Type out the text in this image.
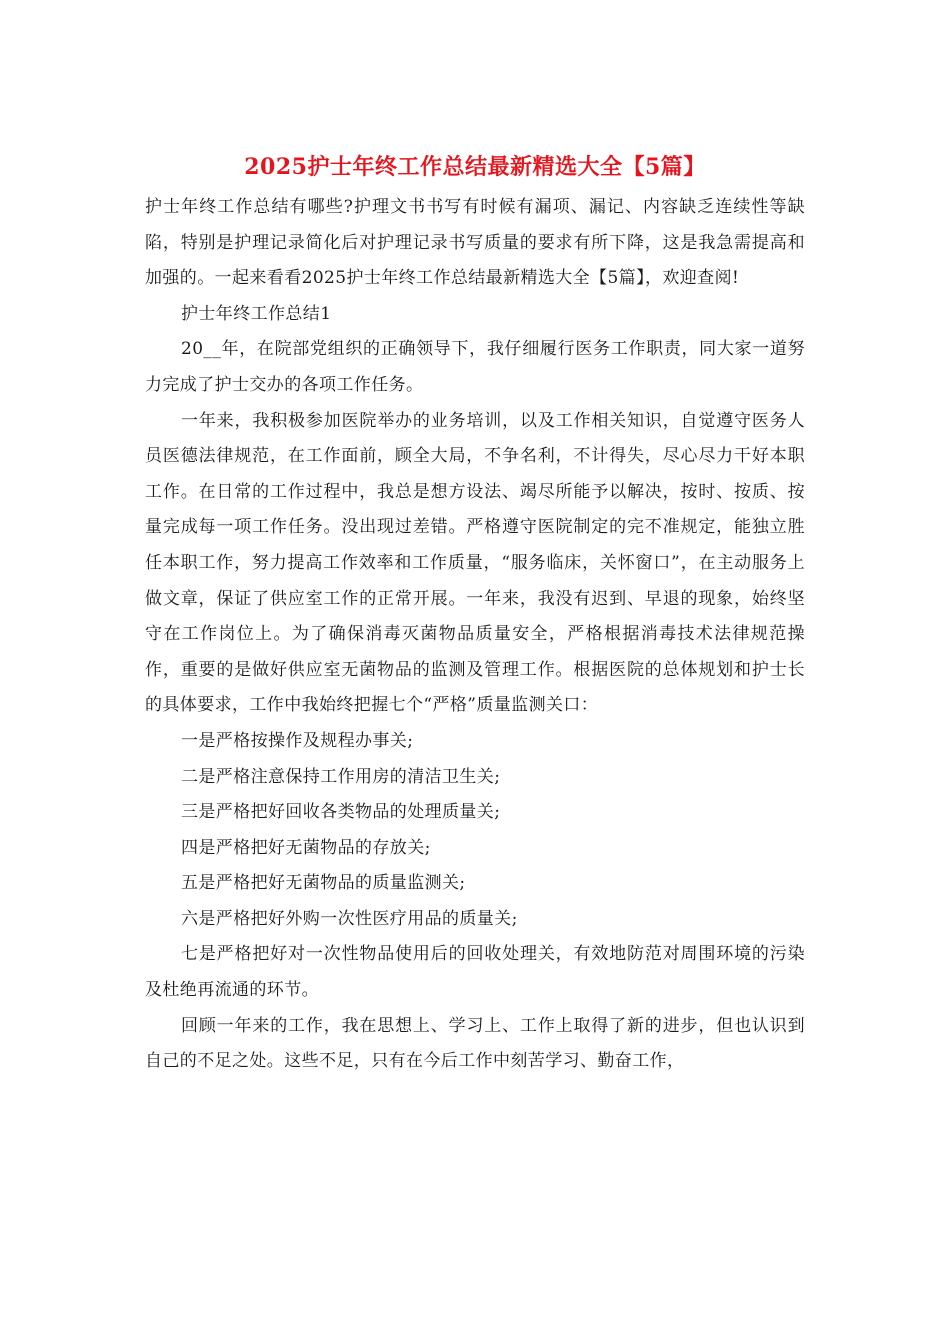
2025护士年终工作总结最新精选大全【5篇】

护士年终工作总结有哪些?护理文书书写有时候有漏项、漏记、内容缺乏连续性等缺陷，特别是护理记录简化后对护理记录书写质量的要求有所下降，这是我急需提高和加强的。一起来看看2025护士年终工作总结最新精选大全【5篇】，欢迎查阅!

护士年终工作总结1

20__年，在院部党组织的正确领导下，我仔细履行医务工作职责，同大家一道努力完成了护士交办的各项工作任务。

一年来，我积极参加医院举办的业务培训，以及工作相关知识，自觉遵守医务人员医德法律规范，在工作面前，顾全大局，不争名利，不计得失，尽心尽力干好本职工作。在日常的工作过程中，我总是想方设法、竭尽所能予以解决，按时、按质、按量完成每一项工作任务。没出现过差错。严格遵守医院制定的完不准规定，能独立胜任本职工作，努力提高工作效率和工作质量，“服务临床，关怀窗口”，在主动服务上做文章，保证了供应室工作的正常开展。一年来，我没有迟到、早退的现象，始终坚守在工作岗位上。为了确保消毒灭菌物品质量安全，严格根据消毒技术法律规范操作，重要的是做好供应室无菌物品的监测及管理工作。根据医院的总体规划和护士长的具体要求，工作中我始终把握七个“严格”质量监测关口：

一是严格按操作及规程办事关;

二是严格注意保持工作用房的清洁卫生关;

三是严格把好回收各类物品的处理质量关;

四是严格把好无菌物品的存放关;

五是严格把好无菌物品的质量监测关;

六是严格把好外购一次性医疗用品的质量关;

七是严格把好对一次性物品使用后的回收处理关，有效地防范对周围环境的污染及杜绝再流通的环节。

回顾一年来的工作，我在思想上、学习上、工作上取得了新的进步，但也认识到自己的不足之处。这些不足，只有在今后工作中刻苦学习、勤奋工作，
